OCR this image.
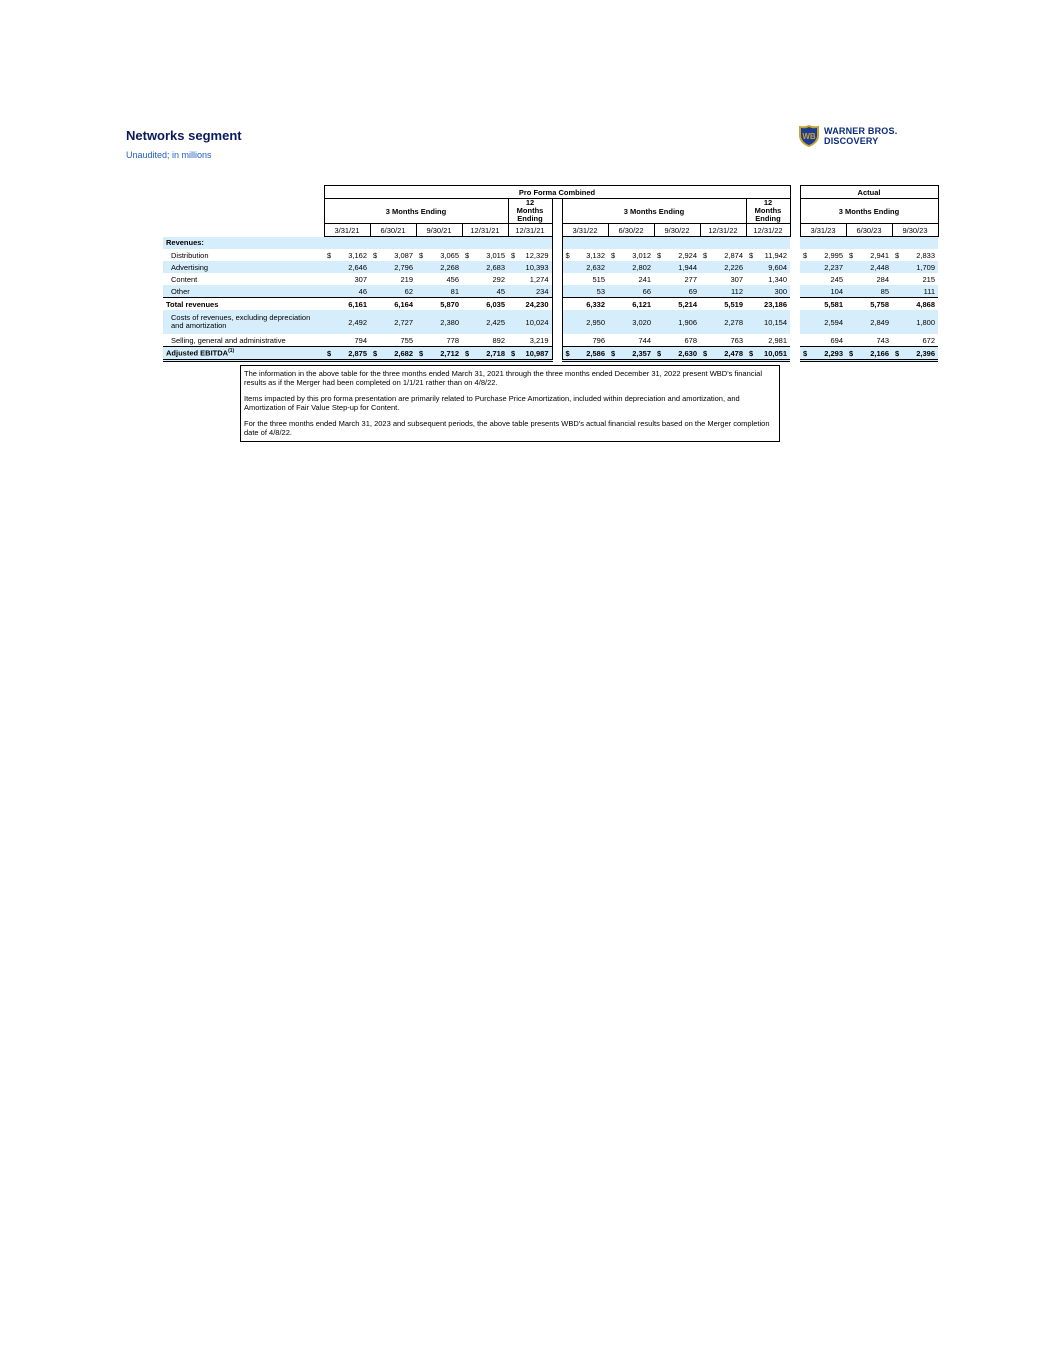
Networks segment
Unaudited; in millions
WB
WARNER BROS.
DISCOVERY
	Pro Forma Combined												Actual		
	3 Months Ending				12 Months Ending		3 Months Ending				12 Months Ending		3 Months Ending		
	3/31/21	6/30/21	9/30/21	12/31/21	12/31/21		3/31/22	6/30/22	9/30/22	12/31/22	12/31/22		3/31/23	6/30/23	9/30/23
Revenues:															
Distribution	$ 3,162	$ 3,087	$ 3,065	$ 3,015	$ 12,329		$ 3,132	$ 3,012	$ 2,924	$ 2,874	$ 11,942		$ 2,995	$ 2,941	$ 2,833
Advertising	2,646	2,796	2,268	2,683	10,393		2,632	2,802	1,944	2,226	9,604		2,237	2,448	1,709
Content	307	219	456	292	1,274		515	241	277	307	1,340		245	284	215
Other	46	62	81	45	234		53	66	69	112	300		104	85	111
Total revenues	6,161	6,164	5,870	6,035	24,230		6,332	6,121	5,214	5,519	23,186		5,581	5,758	4,868
Costs of revenues, excluding depreciation and amortization	2,492	2,727	2,380	2,425	10,024		2,950	3,020	1,906	2,278	10,154		2,594	2,849	1,800
Selling, general and administrative	794	755	778	892	3,219		796	744	678	763	2,981		694	743	672
Adjusted EBITDA$^{(1)}$	$ 2,875	$ 2,682	$ 2,712	$ 2,718	$ 10,987		$ 2,586	$ 2,357	$ 2,630	$ 2,478	$ 10,051		$ 2,293	$ 2,166	$ 2,396

The information in the above table for the three months ended March 31, 2021 through the three months ended December 31, 2022 present WBD's financial results as if the Merger had been completed on 1/1/21 rather than on 4/8/22.

Items impacted by this pro forma presentation are primarily related to Purchase Price Amortization, included within depreciation and amortization, and Amortization of Fair Value Step-up for Content.

For the three months ended March 31, 2023 and subsequent periods, the above table presents WBD's actual financial results based on the Merger completion date of 4/8/22.
